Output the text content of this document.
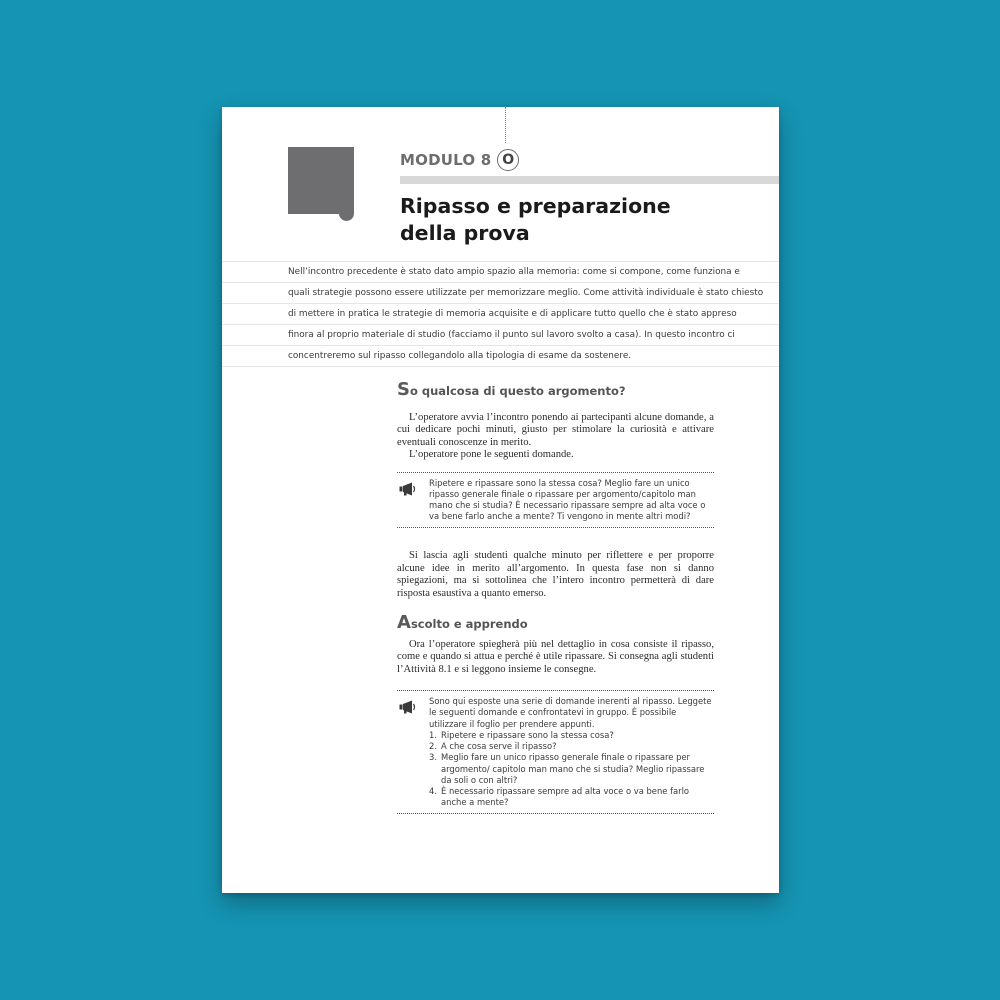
MODULO 8 O
Ripasso e preparazione
della prova
Nell’incontro precedente è stato dato ampio spazio alla memoria: come si compone, come funziona e
quali strategie possono essere utilizzate per memorizzare meglio. Come attività individuale è stato chiesto
di mettere in pratica le strategie di memoria acquisite e di applicare tutto quello che è stato appreso
finora al proprio materiale di studio (facciamo il punto sul lavoro svolto a casa). In questo incontro ci
concentreremo sul ripasso collegandolo alla tipologia di esame da sostenere.
So qualcosa di questo argomento?

L’operatore avvia l’incontro ponendo ai partecipanti alcune domande, a cui dedicare pochi minuti, giusto per stimolare la curiosità e attivare eventuali conoscenze in merito.

L’operatore pone le seguenti domande.

Ripetere e ripassare sono la stessa cosa? Meglio fare un unico ripasso generale finale o ripassare per argomento/capitolo man mano che si studia? È necessario ripassare sempre ad alta voce o va bene farlo anche a mente? Ti vengono in mente altri modi?

Si lascia agli studenti qualche minuto per riflettere e per proporre alcune idee in merito all’argomento. In questa fase non si danno spiegazioni, ma si sottolinea che l’intero incontro permetterà di dare risposta esaustiva a quanto emerso.

Ascolto e apprendo

Ora l’operatore spiegherà più nel dettaglio in cosa consiste il ripasso, come e quando si attua e perché è utile ripassare. Si consegna agli studenti l’Attività 8.1 e si leggono insieme le consegne.

Sono qui esposte una serie di domande inerenti al ripasso. Leggete le seguenti domande e confrontatevi in gruppo. È possibile utilizzare il foglio per prendere appunti.
1. Ripetere e ripassare sono la stessa cosa?
2. A che cosa serve il ripasso?
3. Meglio fare un unico ripasso generale finale o ripassare per argomento/ capitolo man mano che si studia? Meglio ripassare da soli o con altri?
4. È necessario ripassare sempre ad alta voce o va bene farlo anche a mente?
